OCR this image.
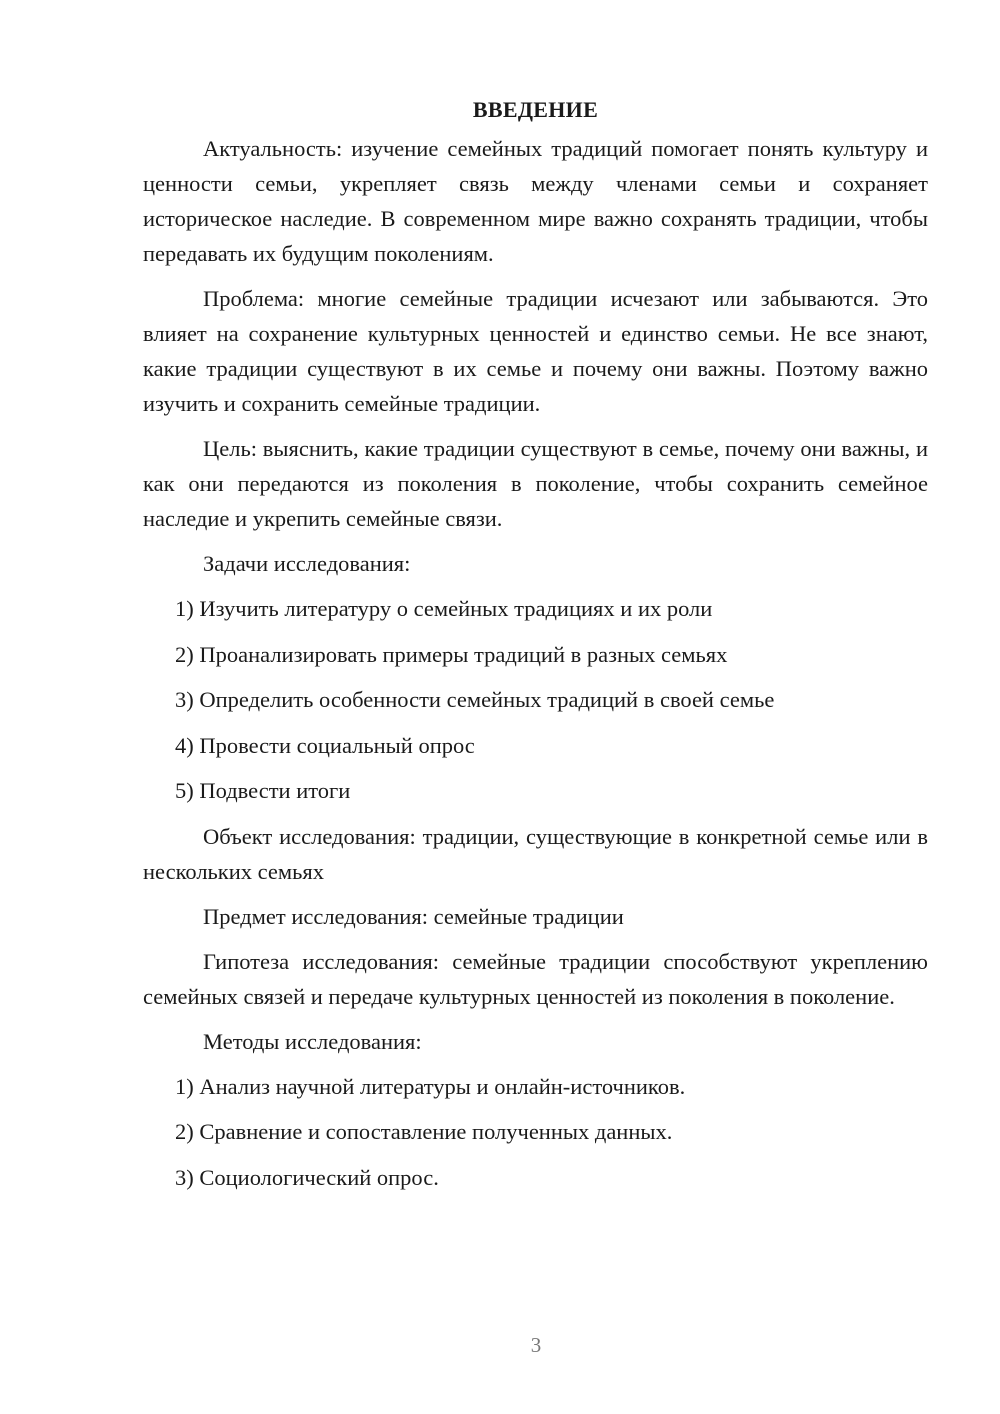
ВВЕДЕНИЕ

Актуальность: изучение семейных традиций помогает понять культуру и ценности семьи, укрепляет связь между членами семьи и сохраняет историческое наследие. В современном мире важно сохранять традиции, чтобы передавать их будущим поколениям.

Проблема: многие семейные традиции исчезают или забываются. Это влияет на сохранение культурных ценностей и единство семьи. Не все знают, какие традиции существуют в их семье и почему они важны. Поэтому важно изучить и сохранить семейные традиции.

Цель: выяснить, какие традиции существуют в семье, почему они важны, и как они передаются из поколения в поколение, чтобы сохранить семейное наследие и укрепить семейные связи.

Задачи исследования:

1) Изучить литературу о семейных традициях и их роли
2) Проанализировать примеры традиций в разных семьях
3) Определить особенности семейных традиций в своей семье
4) Провести социальный опрос
5) Подвести итоги

Объект исследования: традиции, существующие в конкретной семье или в нескольких семьях

Предмет исследования: семейные традиции

Гипотеза исследования: семейные традиции способствуют укреплению семейных связей и передаче культурных ценностей из поколения в поколение.

Методы исследования:

1) Анализ научной литературы и онлайн-источников.
2) Сравнение и сопоставление полученных данных.
3) Социологический опрос.
3
